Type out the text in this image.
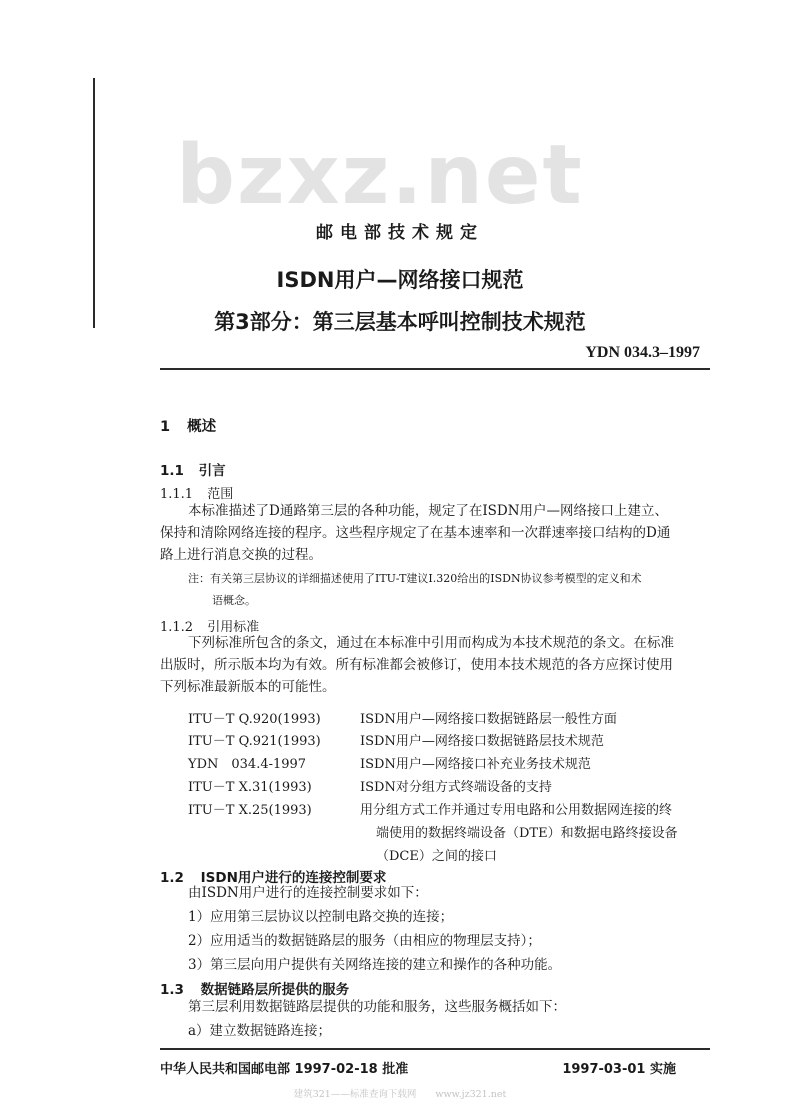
bzxz.net
邮电部技术规定
ISDN用户—网络接口规范
第3部分：第三层基本呼叫控制技术规范
YDN 034.3–1997
1 概述
1.1 引言
1.1.1 范围
本标准描述了D通路第三层的各种功能，规定了在ISDN用户—网络接口上建立、
保持和清除网络连接的程序。这些程序规定了在基本速率和一次群速率接口结构的D通
路上进行消息交换的过程。
注：有关第三层协议的详细描述使用了ITU-T建议I.320给出的ISDN协议参考模型的定义和术
语概念。
1.1.2 引用标准
下列标准所包含的条文，通过在本标准中引用而构成为本技术规范的条文。在标准
出版时，所示版本均为有效。所有标准都会被修订，使用本技术规范的各方应探讨使用
下列标准最新版本的可能性。
ITU－T Q.920(1993)	ISDN用户—网络接口数据链路层一般性方面
ITU－T Q.921(1993)	ISDN用户—网络接口数据链路层技术规范
YDN　034.4-1997	ISDN用户—网络接口补充业务技术规范
ITU－T X.31(1993)	ISDN对分组方式终端设备的支持
ITU－T X.25(1993)	用分组方式工作并通过专用电路和公用数据网连接的终
端使用的数据终端设备（DTE）和数据电路终接设备
（DCE）之间的接口
1.2 ISDN用户进行的连接控制要求
由ISDN用户进行的连接控制要求如下：
1）应用第三层协议以控制电路交换的连接；
2）应用适当的数据链路层的服务（由相应的物理层支持）；
3）第三层向用户提供有关网络连接的建立和操作的各种功能。
1.3 数据链路层所提供的服务
第三层利用数据链路层提供的功能和服务，这些服务概括如下：
a）建立数据链路连接；
中华人民共和国邮电部 1997-02-18 批准	1997-03-01 实施
建筑321——标准查询下载网　　www.jz321.net
